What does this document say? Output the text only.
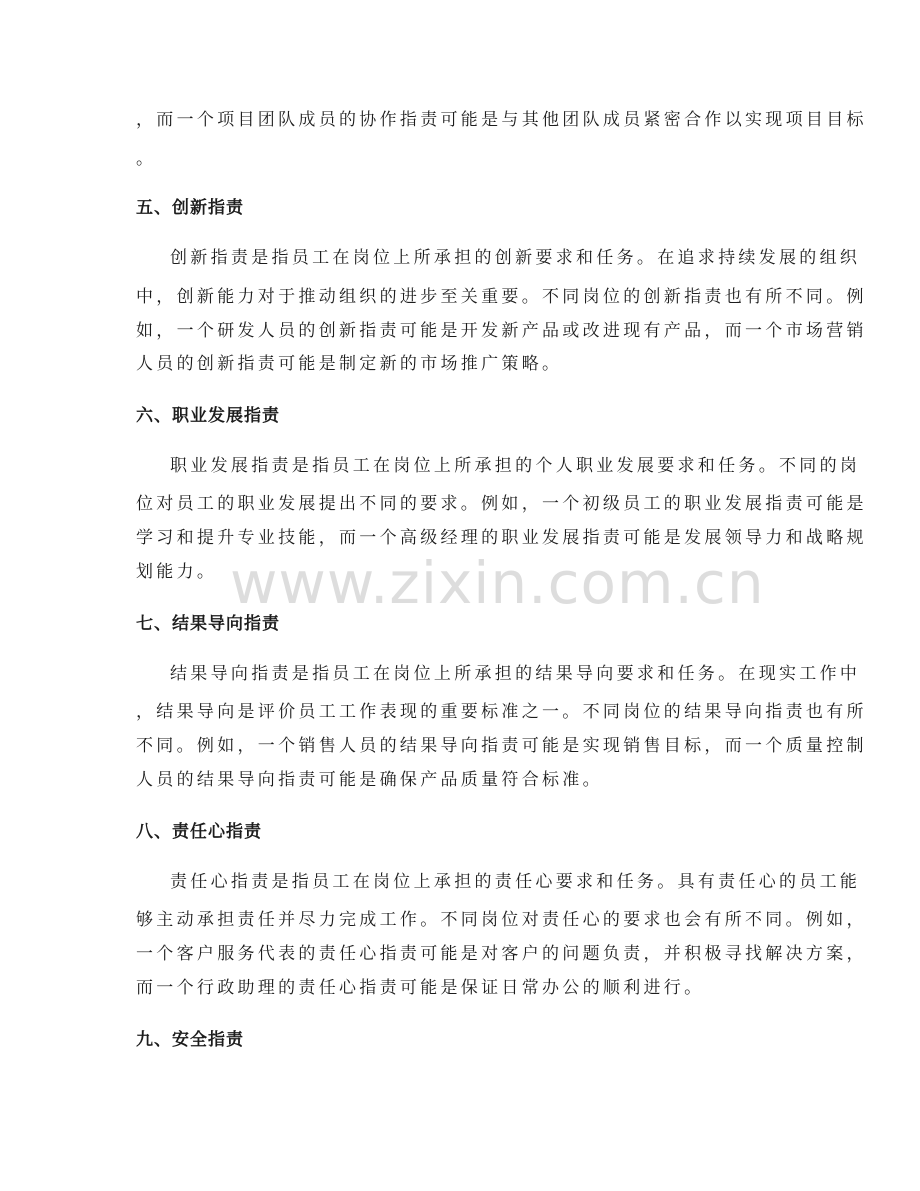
，而一个项目团队成员的协作指责可能是与其他团队成员紧密合作以实现项目目标
。
五、创新指责
创新指责是指员工在岗位上所承担的创新要求和任务。在追求持续发展的组织
中，创新能力对于推动组织的进步至关重要。不同岗位的创新指责也有所不同。例
如，一个研发人员的创新指责可能是开发新产品或改进现有产品，而一个市场营销
人员的创新指责可能是制定新的市场推广策略。
六、职业发展指责
职业发展指责是指员工在岗位上所承担的个人职业发展要求和任务。不同的岗
位对员工的职业发展提出不同的要求。例如，一个初级员工的职业发展指责可能是
学习和提升专业技能，而一个高级经理的职业发展指责可能是发展领导力和战略规
划能力。
七、结果导向指责
结果导向指责是指员工在岗位上所承担的结果导向要求和任务。在现实工作中
，结果导向是评价员工工作表现的重要标准之一。不同岗位的结果导向指责也有所
不同。例如，一个销售人员的结果导向指责可能是实现销售目标，而一个质量控制
人员的结果导向指责可能是确保产品质量符合标准。
八、责任心指责
责任心指责是指员工在岗位上承担的责任心要求和任务。具有责任心的员工能
够主动承担责任并尽力完成工作。不同岗位对责任心的要求也会有所不同。例如，
一个客户服务代表的责任心指责可能是对客户的问题负责，并积极寻找解决方案，
而一个行政助理的责任心指责可能是保证日常办公的顺利进行。
九、安全指责
www.zixin.com.cn
